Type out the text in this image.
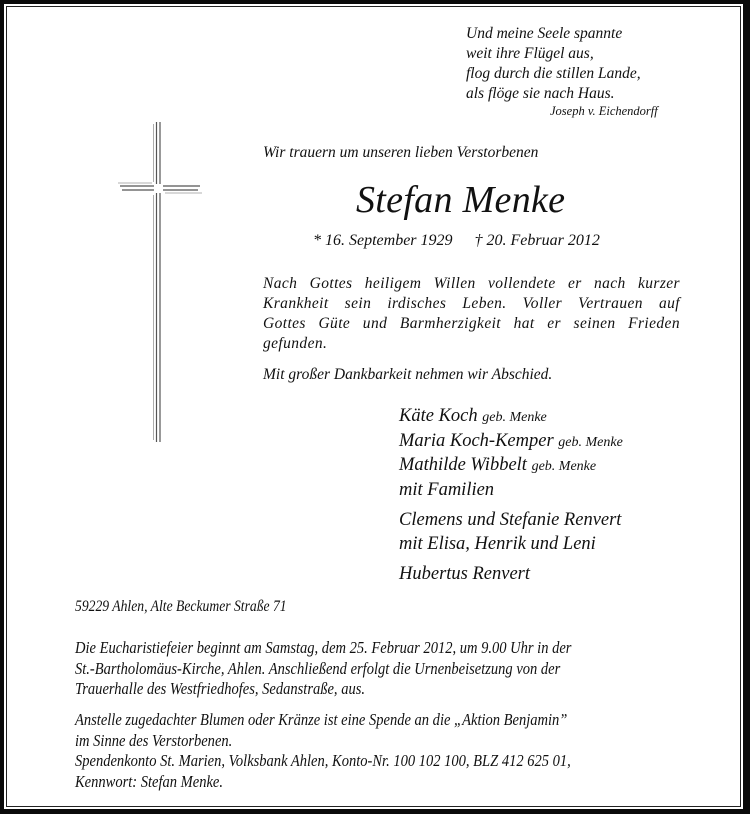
Und meine Seele spannte
weit ihre Flügel aus,
flog durch die stillen Lande,
als flöge sie nach Haus.
Joseph v. Eichendorff
Wir trauern um unseren lieben Verstorbenen
Stefan Menke
* 16. September 1929 † 20. Februar 2012
Nach Gottes heiligem Willen vollendete er nach kurzer
Krankheit sein irdisches Leben. Voller Vertrauen auf
Gottes Güte und Barmherzigkeit hat er seinen Frieden
gefunden.
Mit großer Dankbarkeit nehmen wir Abschied.
Käte Koch geb. Menke
Maria Koch-Kemper geb. Menke
Mathilde Wibbelt geb. Menke
mit Familien
Clemens und Stefanie Renvert
mit Elisa, Henrik und Leni
Hubertus Renvert
59229 Ahlen, Alte Beckumer Straße 71
Die Eucharistiefeier beginnt am Samstag, dem 25. Februar 2012, um 9.00 Uhr in der
St.-Bartholomäus-Kirche, Ahlen. Anschließend erfolgt die Urnenbeisetzung von der
Trauerhalle des Westfriedhofes, Sedanstraße, aus.
Anstelle zugedachter Blumen oder Kränze ist eine Spende an die „Aktion Benjamin”
im Sinne des Verstorbenen.
Spendenkonto St. Marien, Volksbank Ahlen, Konto-Nr. 100 102 100, BLZ 412 625 01,
Kennwort: Stefan Menke.
